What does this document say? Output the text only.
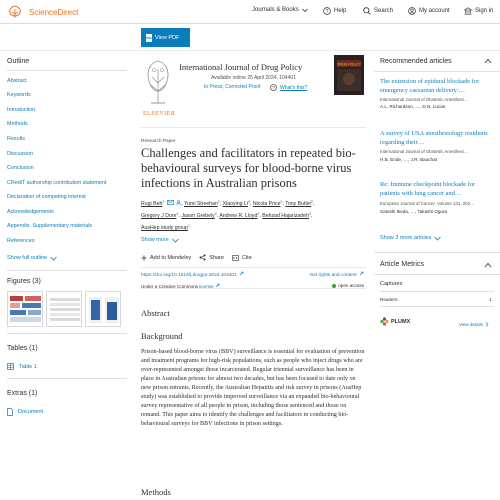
ScienceDirect	Journals & Books	? Help	Search	My account	Sign in
PDF View PDF
Outline
Abstract
Keywords
Introduction
Methods
Results
Discussion
Conclusion
CRediT authorship contribution statement
Declaration of competing interest
Acknowledgements
Appendix. Supplementary materials
References
Show full outline
Figures (3)
Tables (1)
Table 1
Extras (1)
Document
ELSEVIER
International Journal of Drug Policy
Available online 25 April 2024, 104401
In Press, Corrected Proof	? What’s this?
DRUG POLICY
Research Paper
Challenges and facilitators in repeated bio-behavioural surveys for blood-borne virus infections in Australian prisons
Rugi Beh$^a$	, Yumi Sheehan$^a$, Xiaoying Li$^a$, Nicola Price$^a$, Tony Butler$^b$,
Gregory J Dore$^a$, Jason Grebely$^a$, Andrew R. Lloyd$^a$, Behzad Hajarizadeh$^a$,
AusHep study group$^1$
Show more
Add to Mendeley	Share	Cite
https://doi.org/10.1016/j.drugpo.2024.104401	Get rights and content
Under a Creative Commons license	open access
Abstract
Background

Prison-based blood-borne virus (BBV) surveillance is essential for evaluation of prevention and treatment programs for high-risk populations, such as people who inject drugs who are over-represented amongst those incarcerated. Regular triennial surveillance has been in place in Australian prisons for almost two decades, but has been focused to date only on new prison entrants. Recently, the Australian Hepatitis and risk survey in prisons (AusHep study) was established to provide improved surveillance via an expanded bio-behavioural survey representative of all people in prison, including those sentenced and those on remand. This paper aims to identify the challenges and facilitators in conducting bio-behavioural surveys for BBV infections in prison settings.

Methods
Recommended articles
The extension of epidural blockade for emergency caesarean delivery:…
International Journal of Obstetric Anesthesi…
A.L. Richardson, …, D.N. Lucas
A survey of USA anesthesiology residents regarding their…
International Journal of Obstetric Anesthesi…
H.B. Ende, …, J.R. Bauchat
Re: Immune checkpoint blockade for patients with lung cancer and…
European Journal of Cancer, Volume 131, 202…
Satoshi Ikeda, …, Takashi Ogura
Show 3 more articles
Article Metrics
Captures
Readers:	1
PLUMX	View details
